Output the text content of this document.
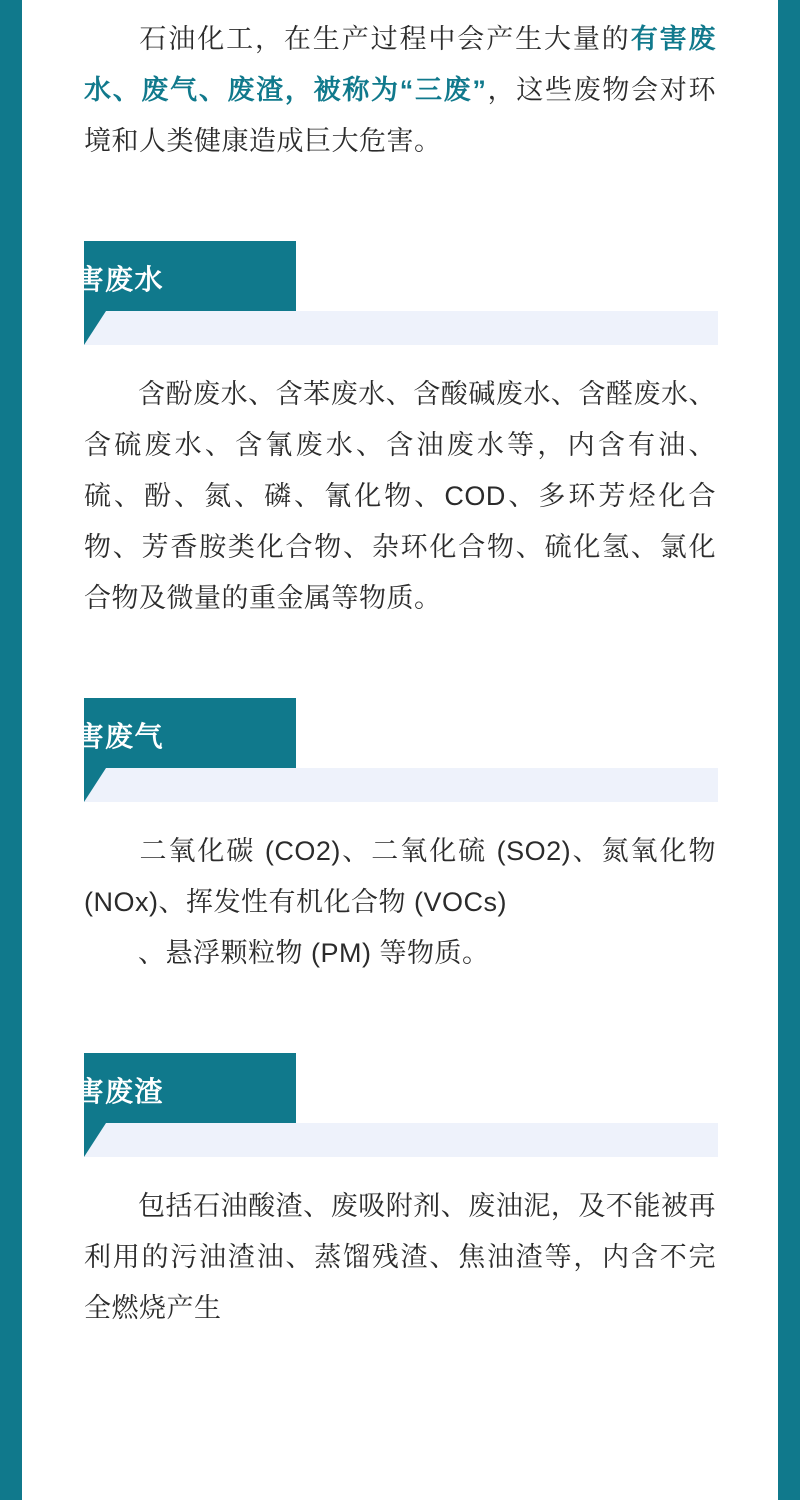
石油化工，在生产过程中会产生大量的有害废水、废气、废渣，被称为“三废”，这些废物会对环境和人类健康造成巨大危害。

有害废水

含酚废水、含苯废水、含酸碱废水、含醛废水、含硫废水、含氰废水、含油废水等，内含有油、硫、酚、氮、磷、氰化物、COD、多环芳烃化合物、芳香胺类化合物、杂环化合物、硫化氢、氯化合物及微量的重金属等物质。

有害废气

二氧化碳 (CO2)、二氧化硫 (SO2)、氮氧化物 (NOx)、挥发性有机化合物 (VOCs)

、悬浮颗粒物 (PM) 等物质。

有害废渣

包括石油酸渣、废吸附剂、废油泥，及不能被再利用的污油渣油、蒸馏残渣、焦油渣等，内含不完全燃烧产生
